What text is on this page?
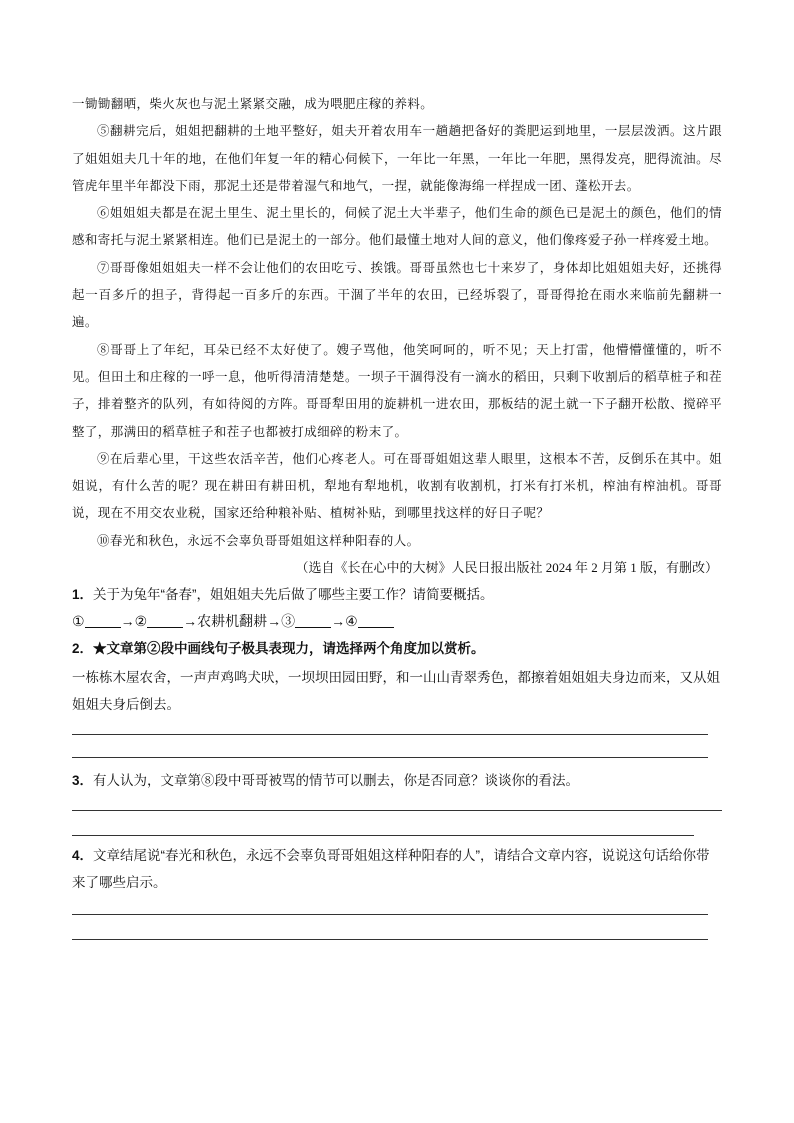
一锄锄翻晒，柴火灰也与泥土紧紧交融，成为喂肥庄稼的养料。

⑤翻耕完后，姐姐把翻耕的土地平整好，姐夫开着农用车一趟趟把备好的粪肥运到地里，一层层泼洒。这片跟了姐姐姐夫几十年的地，在他们年复一年的精心伺候下，一年比一年黑，一年比一年肥，黑得发亮，肥得流油。尽管虎年里半年都没下雨，那泥土还是带着湿气和地气，一捏，就能像海绵一样捏成一团、蓬松开去。

⑥姐姐姐夫都是在泥土里生、泥土里长的，伺候了泥土大半辈子，他们生命的颜色已是泥土的颜色，他们的情感和寄托与泥土紧紧相连。他们已是泥土的一部分。他们最懂土地对人间的意义，他们像疼爱子孙一样疼爱土地。

⑦哥哥像姐姐姐夫一样不会让他们的农田吃亏、挨饿。哥哥虽然也七十来岁了，身体却比姐姐姐夫好，还挑得起一百多斤的担子，背得起一百多斤的东西。干涸了半年的农田，已经坼裂了，哥哥得抢在雨水来临前先翻耕一遍。

⑧哥哥上了年纪，耳朵已经不太好使了。嫂子骂他，他笑呵呵的，听不见；天上打雷，他懵懵懂懂的，听不见。但田土和庄稼的一呼一息，他听得清清楚楚。一坝子干涸得没有一滴水的稻田，只剩下收割后的稻草桩子和茬子，排着整齐的队列，有如待阅的方阵。哥哥犁田用的旋耕机一进农田，那板结的泥土就一下子翻开松散、搅碎平整了，那满田的稻草桩子和茬子也都被打成细碎的粉末了。

⑨在后辈心里，干这些农活辛苦，他们心疼老人。可在哥哥姐姐这辈人眼里，这根本不苦，反倒乐在其中。姐姐说，有什么苦的呢？现在耕田有耕田机，犁地有犁地机，收割有收割机，打米有打米机，榨油有榨油机。哥哥说，现在不用交农业税，国家还给种粮补贴、植树补贴，到哪里找这样的好日子呢？

⑩春光和秋色，永远不会辜负哥哥姐姐这样种阳春的人。

（选自《长在心中的大树》人民日报出版社 2024 年 2 月第 1 版，有删改）

1．关于为兔年“备春”，姐姐姐夫先后做了哪些主要工作？请简要概括。

①	→②	→农耕机翻耕→③	→④

2．★文章第②段中画线句子极具表现力，请选择两个角度加以赏析。

一栋栋木屋农舍，一声声鸡鸣犬吠，一坝坝田园田野，和一山山青翠秀色，都擦着姐姐姐夫身边而来，又从姐姐姐夫身后倒去。

3．有人认为，文章第⑧段中哥哥被骂的情节可以删去，你是否同意？谈谈你的看法。

4．文章结尾说“春光和秋色，永远不会辜负哥哥姐姐这样种阳春的人”，请结合文章内容，说说这句话给你带来了哪些启示。
